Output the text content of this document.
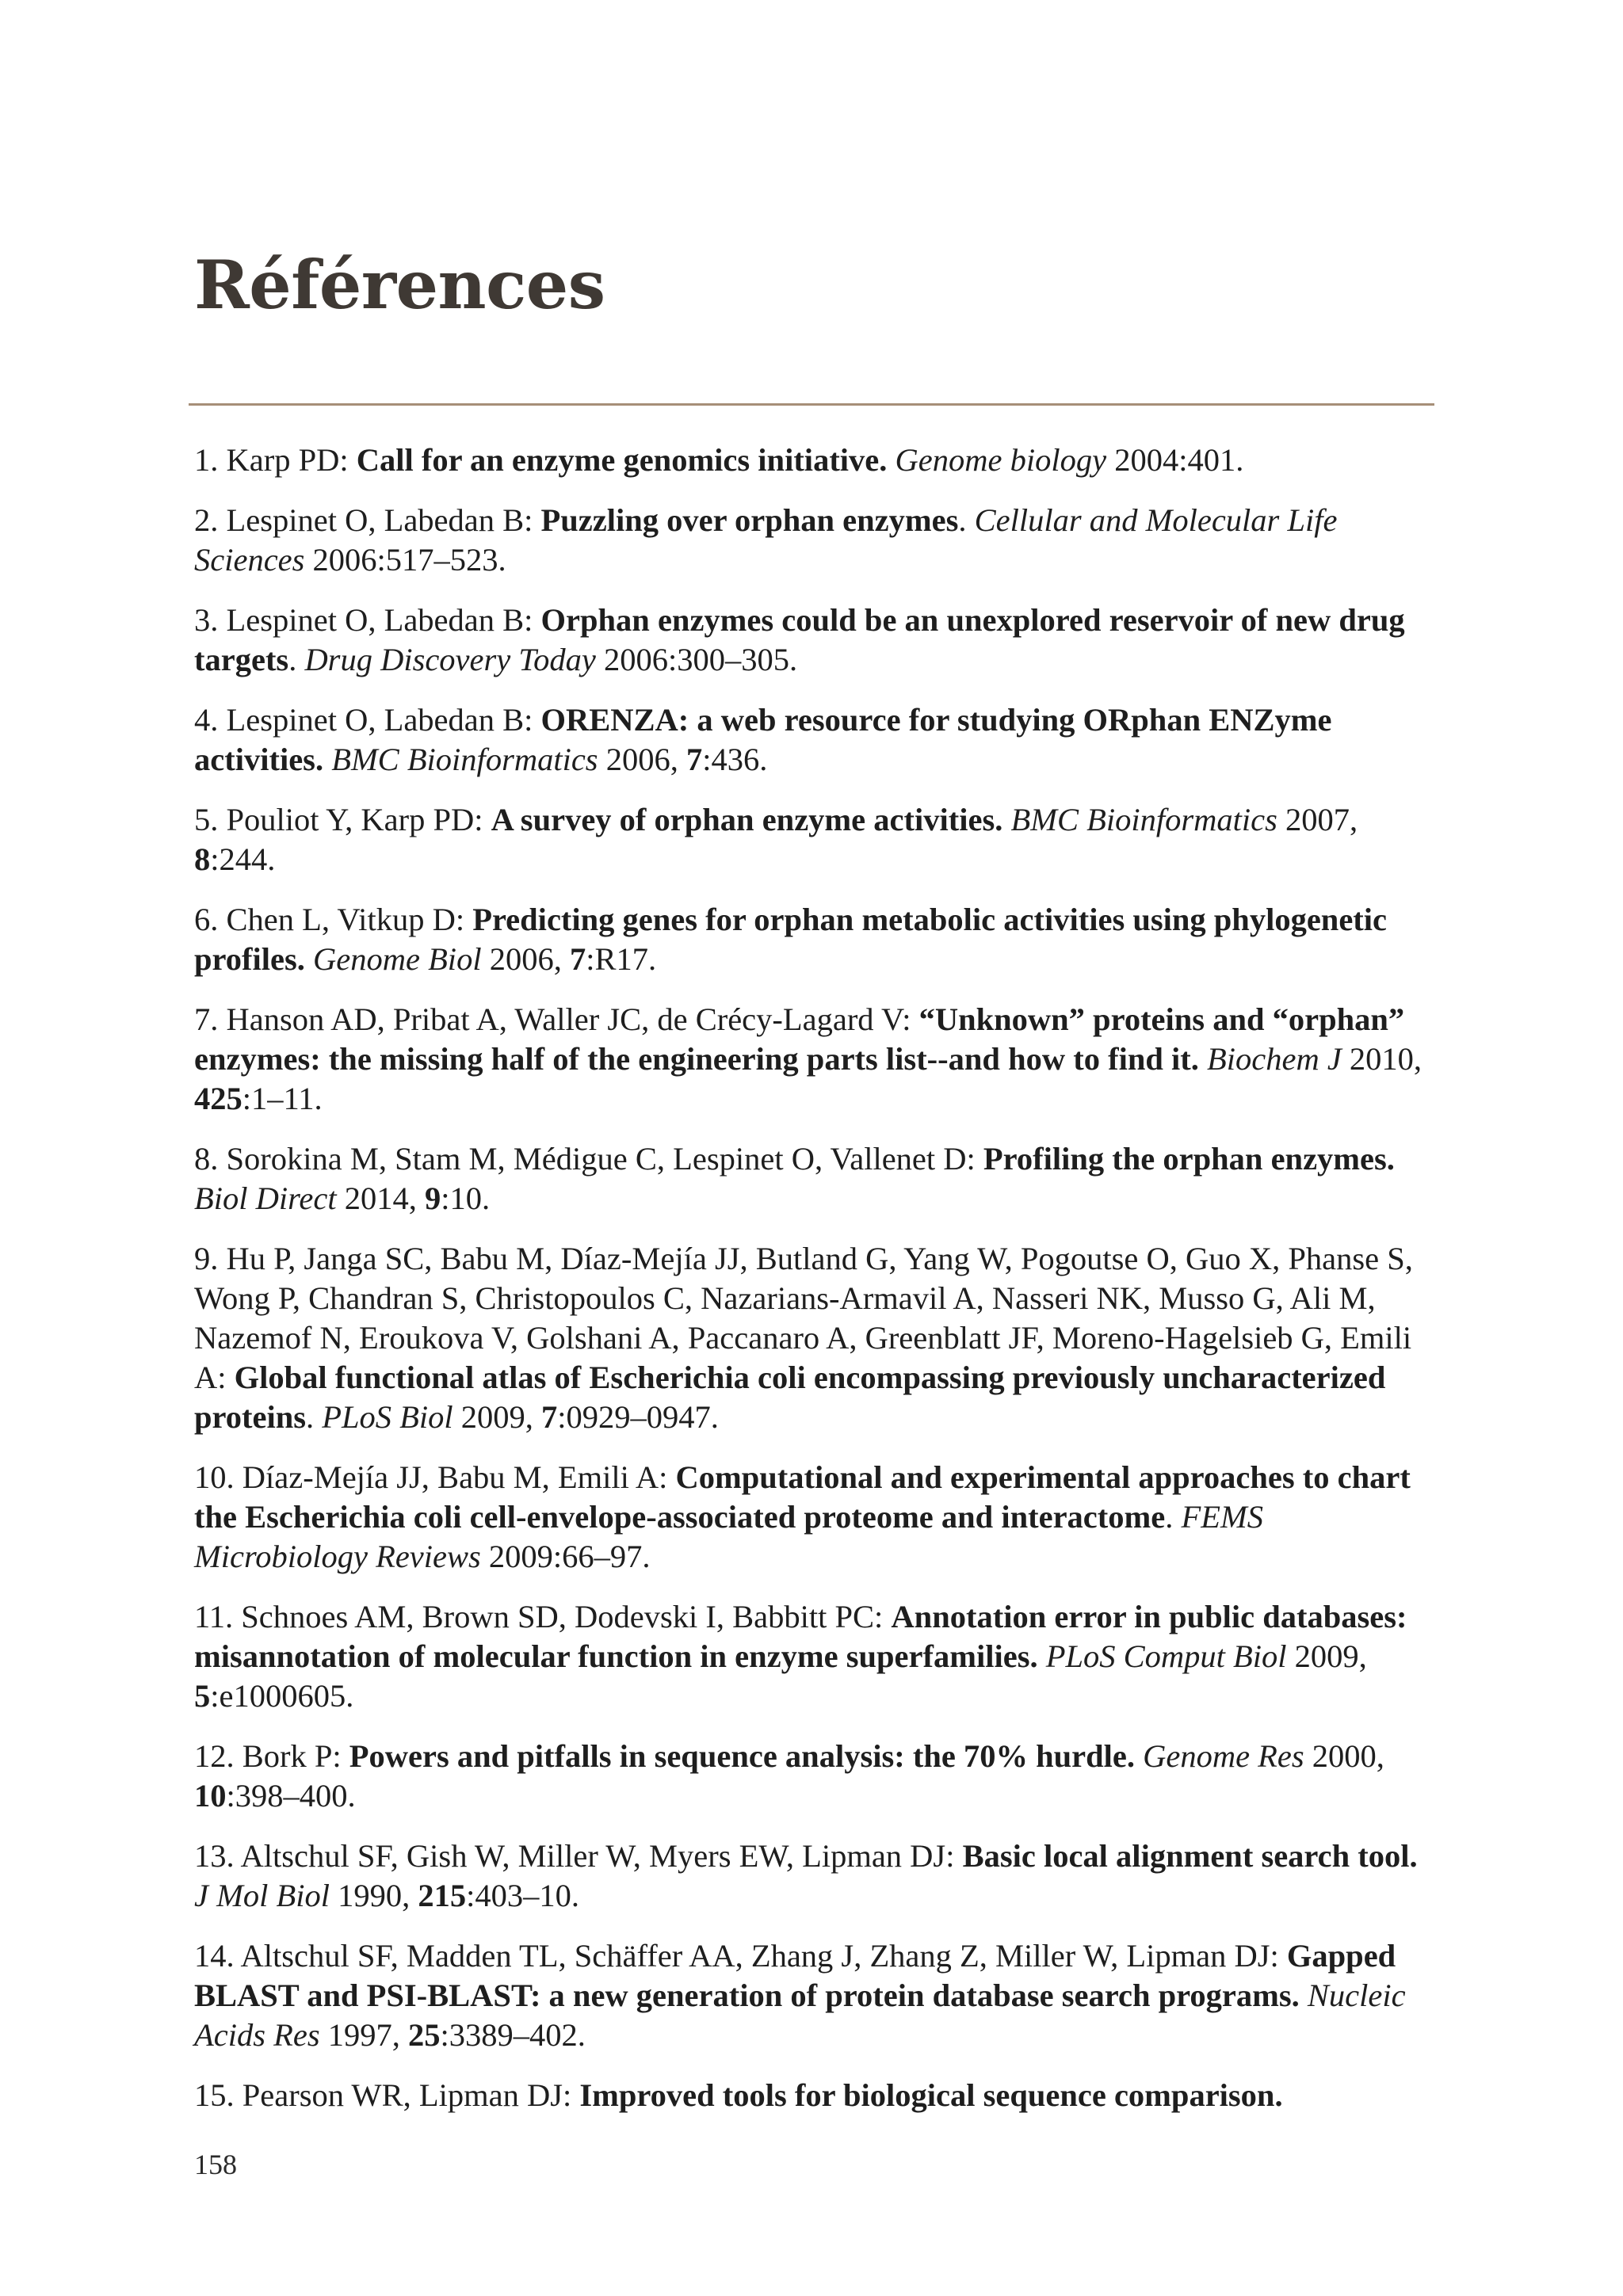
Références

1. Karp PD: Call for an enzyme genomics initiative. Genome biology 2004:401.

2. Lespinet O, Labedan B: Puzzling over orphan enzymes. Cellular and Molecular Life Sciences 2006:517–523.

3. Lespinet O, Labedan B: Orphan enzymes could be an unexplored reservoir of new drug targets. Drug Discovery Today 2006:300–305.

4. Lespinet O, Labedan B: ORENZA: a web resource for studying ORphan ENZyme activities. BMC Bioinformatics 2006, 7:436.

5. Pouliot Y, Karp PD: A survey of orphan enzyme activities. BMC Bioinformatics 2007, 8:244.

6. Chen L, Vitkup D: Predicting genes for orphan metabolic activities using phylogenetic profiles. Genome Biol 2006, 7:R17.

7. Hanson AD, Pribat A, Waller JC, de Crécy-Lagard V: “Unknown” proteins and “orphan” enzymes: the missing half of the engineering parts list--and how to find it. Biochem J 2010, 425:1–11.

8. Sorokina M, Stam M, Médigue C, Lespinet O, Vallenet D: Profiling the orphan enzymes. Biol Direct 2014, 9:10.

9. Hu P, Janga SC, Babu M, Díaz-Mejía JJ, Butland G, Yang W, Pogoutse O, Guo X, Phanse S, Wong P, Chandran S, Christopoulos C, Nazarians-Armavil A, Nasseri NK, Musso G, Ali M, Nazemof N, Eroukova V, Golshani A, Paccanaro A, Greenblatt JF, Moreno-Hagelsieb G, Emili A: Global functional atlas of Escherichia coli encompassing previously uncharacterized proteins. PLoS Biol 2009, 7:0929–0947.

10. Díaz-Mejía JJ, Babu M, Emili A: Computational and experimental approaches to chart the Escherichia coli cell-envelope-associated proteome and interactome. FEMS Microbiology Reviews 2009:66–97.

11. Schnoes AM, Brown SD, Dodevski I, Babbitt PC: Annotation error in public databases: misannotation of molecular function in enzyme superfamilies. PLoS Comput Biol 2009, 5:e1000605.

12. Bork P: Powers and pitfalls in sequence analysis: the 70% hurdle. Genome Res 2000, 10:398–400.

13. Altschul SF, Gish W, Miller W, Myers EW, Lipman DJ: Basic local alignment search tool. J Mol Biol 1990, 215:403–10.

14. Altschul SF, Madden TL, Schäffer AA, Zhang J, Zhang Z, Miller W, Lipman DJ: Gapped BLAST and PSI-BLAST: a new generation of protein database search programs. Nucleic Acids Res 1997, 25:3389–402.

15. Pearson WR, Lipman DJ: Improved tools for biological sequence comparison.

158
